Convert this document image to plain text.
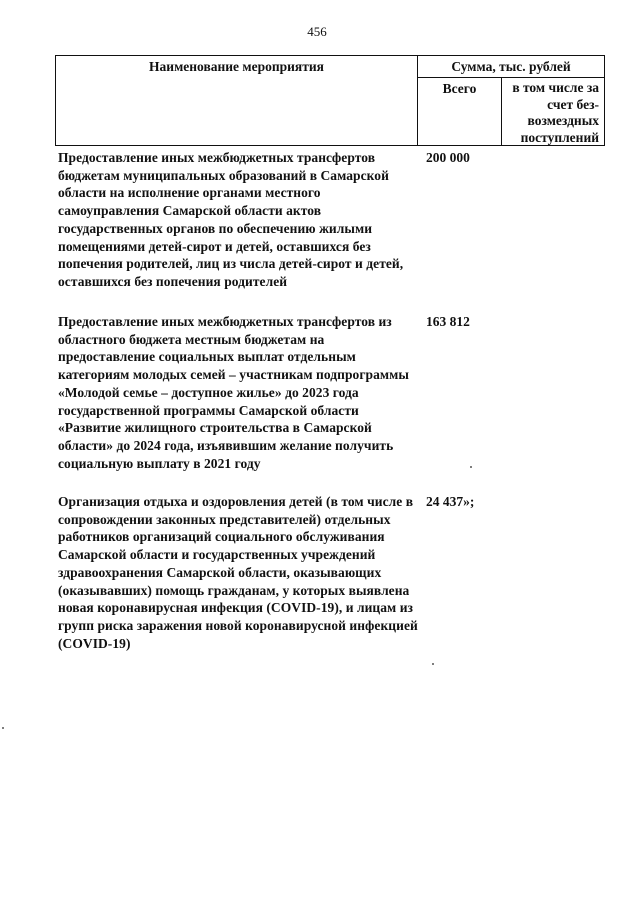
456
Наименование мероприятия	Сумма, тыс. рублей
Всего	в том числе за счет без-возмездных поступлений
Предоставление иных межбюджетных трансфертов бюджетам муниципальных образований в Самарской области на исполнение органами местного самоуправления Самарской области актов государственных органов по обеспечению жилыми помещениями детей-сирот и детей, оставшихся без попечения родителей, лиц из числа детей-сирот и детей, оставшихся без попечения родителей
200 000
Предоставление иных межбюджетных трансфертов из областного бюджета местным бюджетам на предоставление социальных выплат отдельным категориям молодых семей – участникам подпрограммы «Молодой семье – доступное жилье» до 2023 года государственной программы Самарской области «Развитие жилищного строительства в Самарской области» до 2024 года, изъявившим желание получить социальную выплату в 2021 году
163 812
Организация отдыха и оздоровления детей (в том числе в сопровождении законных представителей) отдельных работников организаций социального обслуживания Самарской области и государственных учреждений здравоохранения Самарской области, оказывающих (оказывавших) помощь гражданам, у которых выявлена новая коронавирусная инфекция (COVID-19), и лицам из групп риска заражения новой коронавирусной инфекцией (COVID-19)
24 437»;
